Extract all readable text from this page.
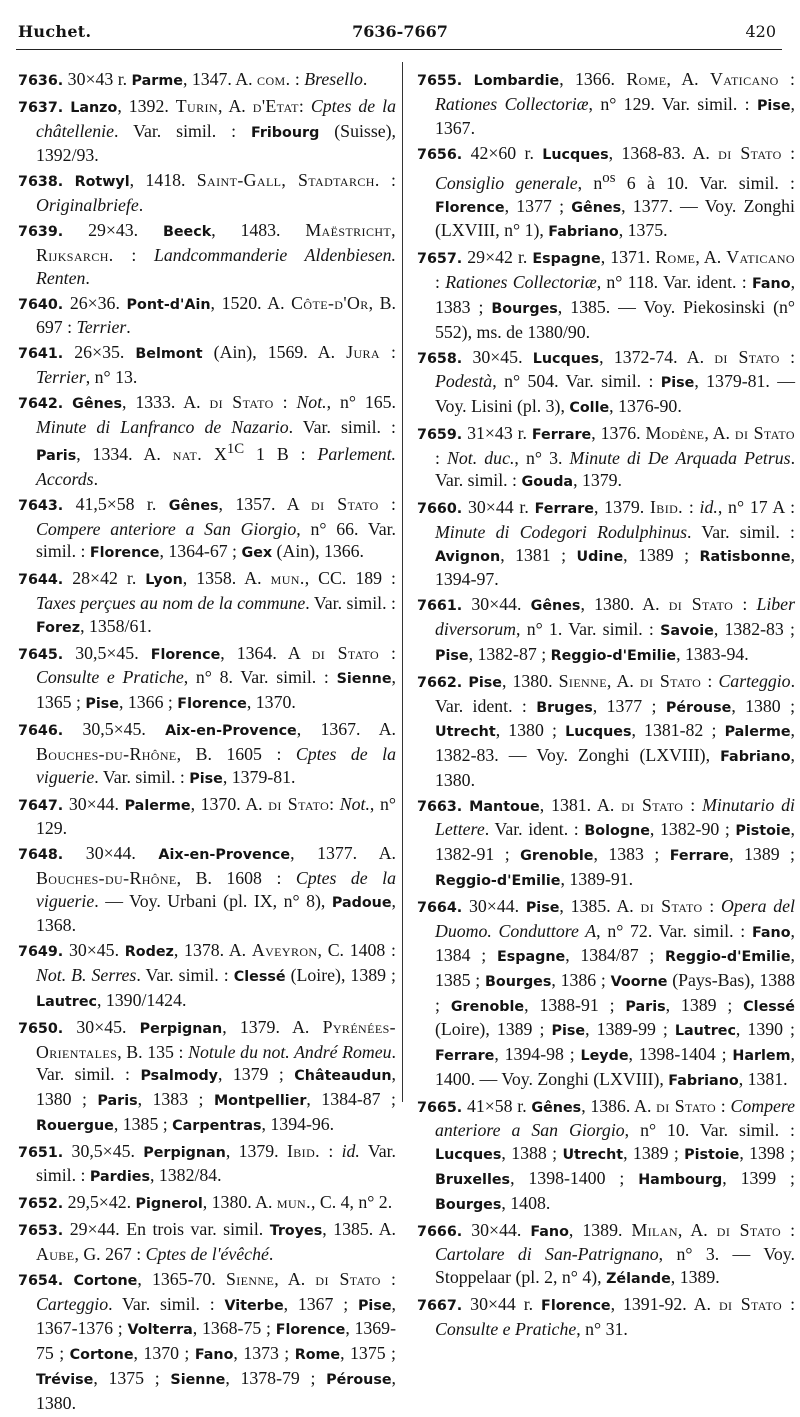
Huchet.	7636-7667	420

7636. 30×43 r. Parme, 1347. A. com. : Bresello.

7637. Lanzo, 1392. Turin, A. d'Etat: Cptes de la châtellenie. Var. simil. : Fribourg (Suisse), 1392/93.

7638. Rotwyl, 1418. Saint-Gall, Stadtarch. : Originalbriefe.

7639. 29×43. Beeck, 1483. Maëstricht, Rijksarch. : Landcommanderie Aldenbiesen. Renten.

7640. 26×36. Pont-d'Ain, 1520. A. Côte-d'Or, B. 697 : Terrier.

7641. 26×35. Belmont (Ain), 1569. A. Jura : Terrier, n° 13.

7642. Gênes, 1333. A. di Stato : Not., n° 165. Minute di Lanfranco de Nazario. Var. simil. : Paris, 1334. A. nat. $X^{1C}$ 1 B : Parlement. Accords.

7643. 41,5×58 r. Gênes, 1357. A di Stato : Compere anteriore a San Giorgio, n° 66. Var. simil. : Florence, 1364-67 ; Gex (Ain), 1366.

7644. 28×42 r. Lyon, 1358. A. mun., CC. 189 : Taxes perçues au nom de la commune. Var. simil. : Forez, 1358/61.

7645. 30,5×45. Florence, 1364. A di Stato : Consulte e Pratiche, n° 8. Var. simil. : Sienne, 1365 ; Pise, 1366 ; Florence, 1370.

7646. 30,5×45. Aix-en-Provence, 1367. A. Bouches-du-Rhône, B. 1605 : Cptes de la viguerie. Var. simil. : Pise, 1379-81.

7647. 30×44. Palerme, 1370. A. di Stato: Not., n° 129.

7648. 30×44. Aix-en-Provence, 1377. A. Bouches-du-Rhône, B. 1608 : Cptes de la viguerie. — Voy. Urbani (pl. IX, n° 8), Padoue, 1368.

7649. 30×45. Rodez, 1378. A. Aveyron, C. 1408 : Not. B. Serres. Var. simil. : Clessé (Loire), 1389 ; Lautrec, 1390/1424.

7650. 30×45. Perpignan, 1379. A. Pyrénées-Orientales, B. 135 : Notule du not. André Romeu. Var. simil. : Psalmody, 1379 ; Châteaudun, 1380 ; Paris, 1383 ; Montpellier, 1384-87 ; Rouergue, 1385 ; Carpentras, 1394-96.

7651. 30,5×45. Perpignan, 1379. Ibid. : id. Var. simil. : Pardies, 1382/84.

7652. 29,5×42. Pignerol, 1380. A. mun., C. 4, n° 2.

7653. 29×44. En trois var. simil. Troyes, 1385. A. Aube, G. 267 : Cptes de l'évêché.

7654. Cortone, 1365-70. Sienne, A. di Stato : Carteggio. Var. simil. : Viterbe, 1367 ; Pise, 1367-1376 ; Volterra, 1368-75 ; Florence, 1369-75 ; Cortone, 1370 ; Fano, 1373 ; Rome, 1375 ; Trévise, 1375 ; Sienne, 1378-79 ; Pérouse, 1380.

7655. Lombardie, 1366. Rome, A. Vaticano : Rationes Collectoriæ, n° 129. Var. simil. : Pise, 1367.

7656. 42×60 r. Lucques, 1368-83. A. di Stato : Consiglio generale, $n^{os}$ 6 à 10. Var. simil. : Florence, 1377 ; Gênes, 1377. — Voy. Zonghi (LXVIII, n° 1), Fabriano, 1375.

7657. 29×42 r. Espagne, 1371. Rome, A. Vaticano : Rationes Collectoriæ, n° 118. Var. ident. : Fano, 1383 ; Bourges, 1385. — Voy. Piekosinski (n° 552), ms. de 1380/90.

7658. 30×45. Lucques, 1372-74. A. di Stato : Podestà, n° 504. Var. simil. : Pise, 1379-81. — Voy. Lisini (pl. 3), Colle, 1376-90.

7659. 31×43 r. Ferrare, 1376. Modène, A. di Stato : Not. duc., n° 3. Minute di De Arquada Petrus. Var. simil. : Gouda, 1379.

7660. 30×44 r. Ferrare, 1379. Ibid. : id., n° 17 A : Minute di Codegori Rodulphinus. Var. simil. : Avignon, 1381 ; Udine, 1389 ; Ratisbonne, 1394-97.

7661. 30×44. Gênes, 1380. A. di Stato : Liber diversorum, n° 1. Var. simil. : Savoie, 1382-83 ; Pise, 1382-87 ; Reggio-d'Emilie, 1383-94.

7662. Pise, 1380. Sienne, A. di Stato : Carteggio. Var. ident. : Bruges, 1377 ; Pérouse, 1380 ; Utrecht, 1380 ; Lucques, 1381-82 ; Palerme, 1382-83. — Voy. Zonghi (LXVIII), Fabriano, 1380.

7663. Mantoue, 1381. A. di Stato : Minutario di Lettere. Var. ident. : Bologne, 1382-90 ; Pistoie, 1382-91 ; Grenoble, 1383 ; Ferrare, 1389 ; Reggio-d'Emilie, 1389-91.

7664. 30×44. Pise, 1385. A. di Stato : Opera del Duomo. Conduttore A, n° 72. Var. simil. : Fano, 1384 ; Espagne, 1384/87 ; Reggio-d'Emilie, 1385 ; Bourges, 1386 ; Voorne (Pays-Bas), 1388 ; Grenoble, 1388-91 ; Paris, 1389 ; Clessé (Loire), 1389 ; Pise, 1389-99 ; Lautrec, 1390 ; Ferrare, 1394-98 ; Leyde, 1398-1404 ; Harlem, 1400. — Voy. Zonghi (LXVIII), Fabriano, 1381.

7665. 41×58 r. Gênes, 1386. A. di Stato : Compere anteriore a San Giorgio, n° 10. Var. simil. : Lucques, 1388 ; Utrecht, 1389 ; Pistoie, 1398 ; Bruxelles, 1398-1400 ; Hambourg, 1399 ; Bourges, 1408.

7666. 30×44. Fano, 1389. Milan, A. di Stato : Cartolare di San-Patrignano, n° 3. — Voy. Stoppelaar (pl. 2, n° 4), Zélande, 1389.

7667. 30×44 r. Florence, 1391-92. A. di Stato : Consulte e Pratiche, n° 31.
